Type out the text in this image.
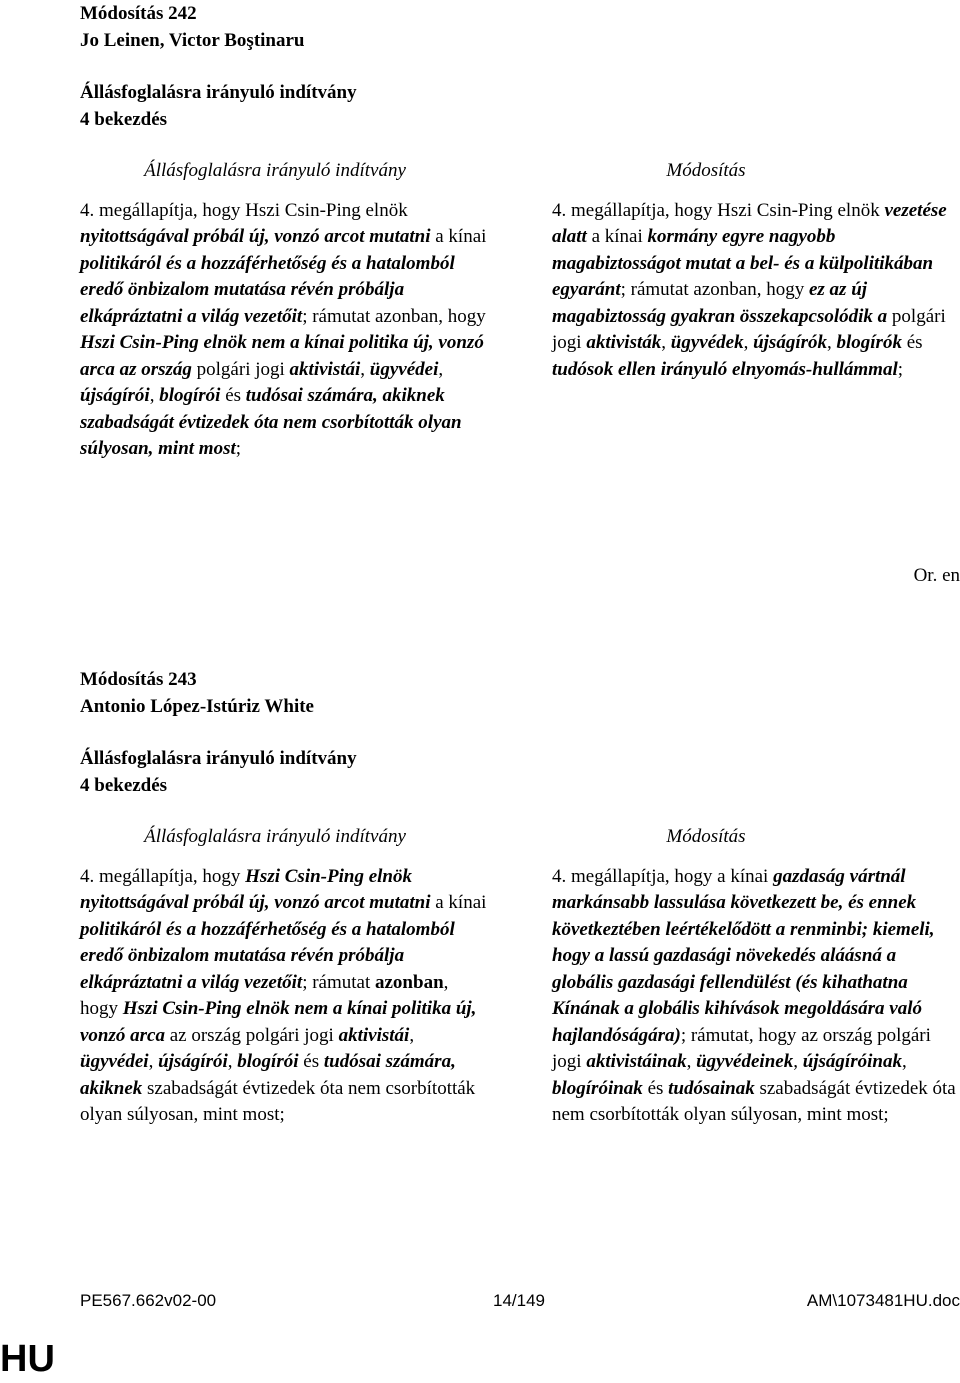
Módosítás 242
Jo Leinen, Victor Boştinaru
Állásfoglalásra irányuló indítvány
4 bekezdés
Állásfoglalásra irányuló indítvány
4. megállapítja, hogy Hszi Csin-Ping elnök nyitottságával próbál új, vonzó arcot mutatni a kínai politikáról és a hozzáférhetőség és a hatalomból eredő önbizalom mutatása révén próbálja elkápráztatni a világ vezetőit; rámutat azonban, hogy Hszi Csin-Ping elnök nem a kínai politika új, vonzó arca az ország polgári jogi aktivistái, ügyvédei, újságírói, blogírói és tudósai számára, akiknek szabadságát évtizedek óta nem csorbították olyan súlyosan, mint most;
Módosítás
4. megállapítja, hogy Hszi Csin-Ping elnök vezetése alatt a kínai kormány egyre nagyobb magabiztosságot mutat a bel- és a külpolitikában egyaránt; rámutat azonban, hogy ez az új magabiztosság gyakran összekapcsolódik a polgári jogi aktivisták, ügyvédek, újságírók, blogírók és tudósok ellen irányuló elnyomás-hullámmal;
Or. en
Módosítás 243
Antonio López-Istúriz White
Állásfoglalásra irányuló indítvány
4 bekezdés
Állásfoglalásra irányuló indítvány
4. megállapítja, hogy Hszi Csin-Ping elnök nyitottságával próbál új, vonzó arcot mutatni a kínai politikáról és a hozzáférhetőség és a hatalomból eredő önbizalom mutatása révén próbálja elkápráztatni a világ vezetőit; rámutat azonban, hogy Hszi Csin-Ping elnök nem a kínai politika új, vonzó arca az ország polgári jogi aktivistái, ügyvédei, újságírói, blogírói és tudósai számára, akiknek szabadságát évtizedek óta nem csorbították olyan súlyosan, mint most;
Módosítás
4. megállapítja, hogy a kínai gazdaság vártnál markánsabb lassulása következett be, és ennek következtében leértékelődött a renminbi; kiemeli, hogy a lassú gazdasági növekedés aláásná a globális gazdasági fellendülést (és kihathatna Kínának a globális kihívások megoldására való hajlandóságára); rámutat, hogy az ország polgári jogi aktivistáinak, ügyvédeinek, újságíróinak, blogíróinak és tudósainak szabadságát évtizedek óta nem csorbították olyan súlyosan, mint most;
PE567.662v02-00	14/149	AM\1073481HU.doc
HU
